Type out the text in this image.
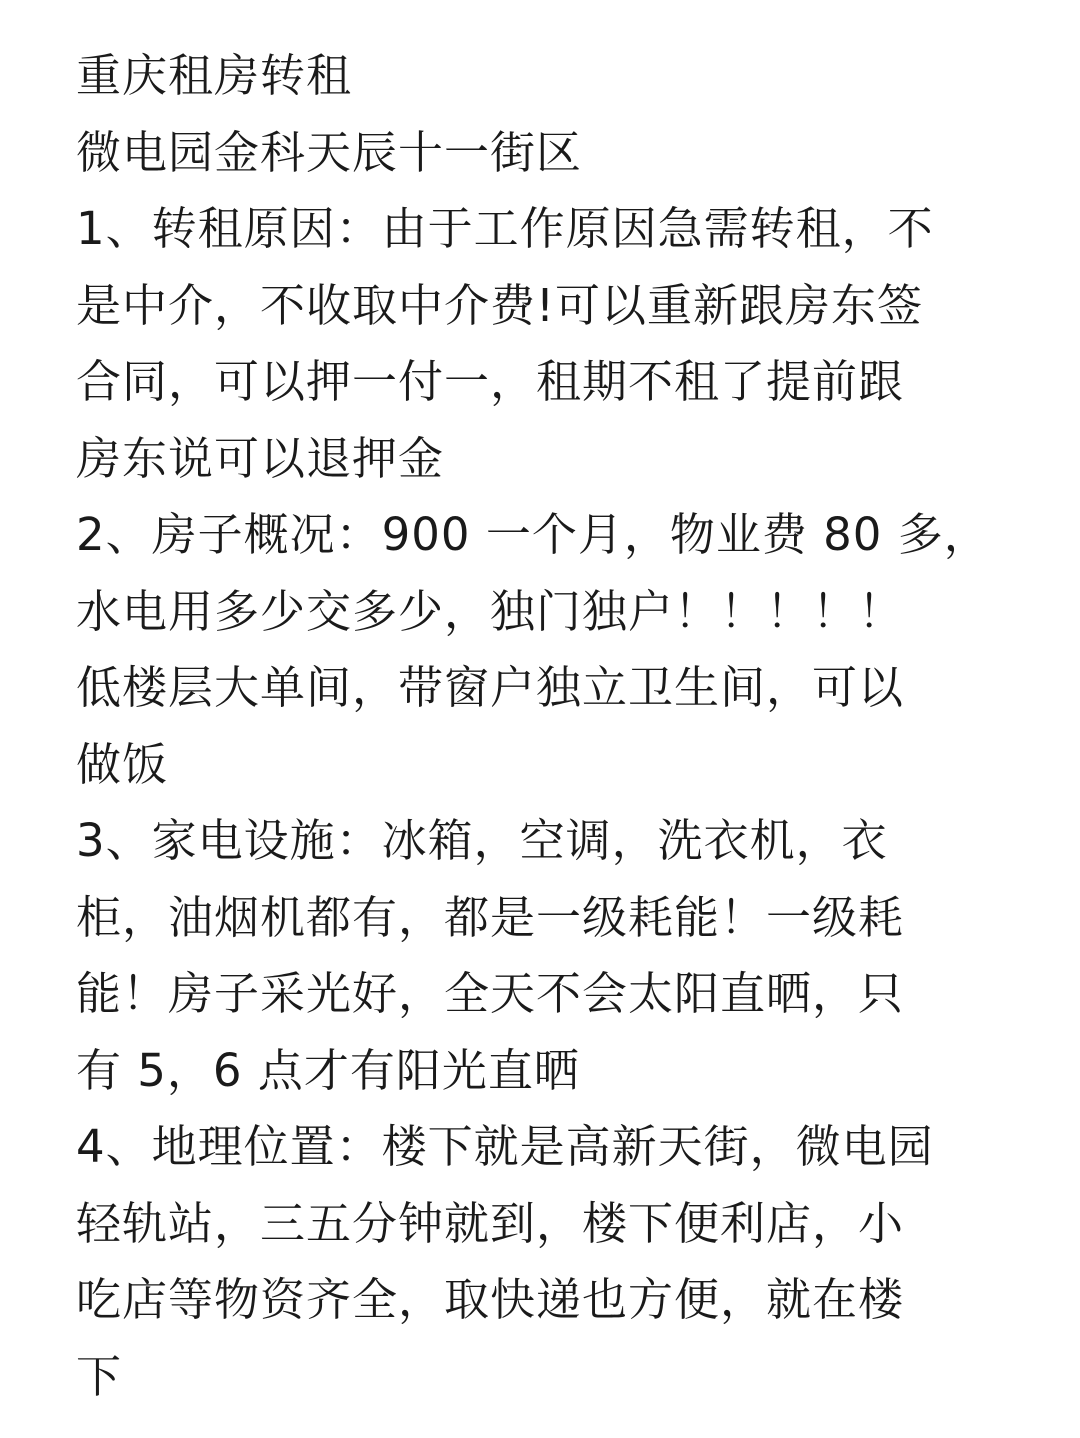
重庆租房转租
微电园金科天辰十一街区
1、转租原因：由于工作原因急需转租，不
是中介，不收取中介费!可以重新跟房东签
合同，可以押一付一，租期不租了提前跟
房东说可以退押金
2、房子概况：900 一个月，物业费 80 多，
水电用多少交多少，独门独户！！！！！
低楼层大单间，带窗户独立卫生间，可以
做饭
3、家电设施：冰箱，空调，洗衣机，衣
柜，油烟机都有，都是一级耗能！一级耗
能！房子采光好，全天不会太阳直晒，只
有 5，6 点才有阳光直晒
4、地理位置：楼下就是高新天街，微电园
轻轨站，三五分钟就到，楼下便利店，小
吃店等物资齐全，取快递也方便，就在楼
下
